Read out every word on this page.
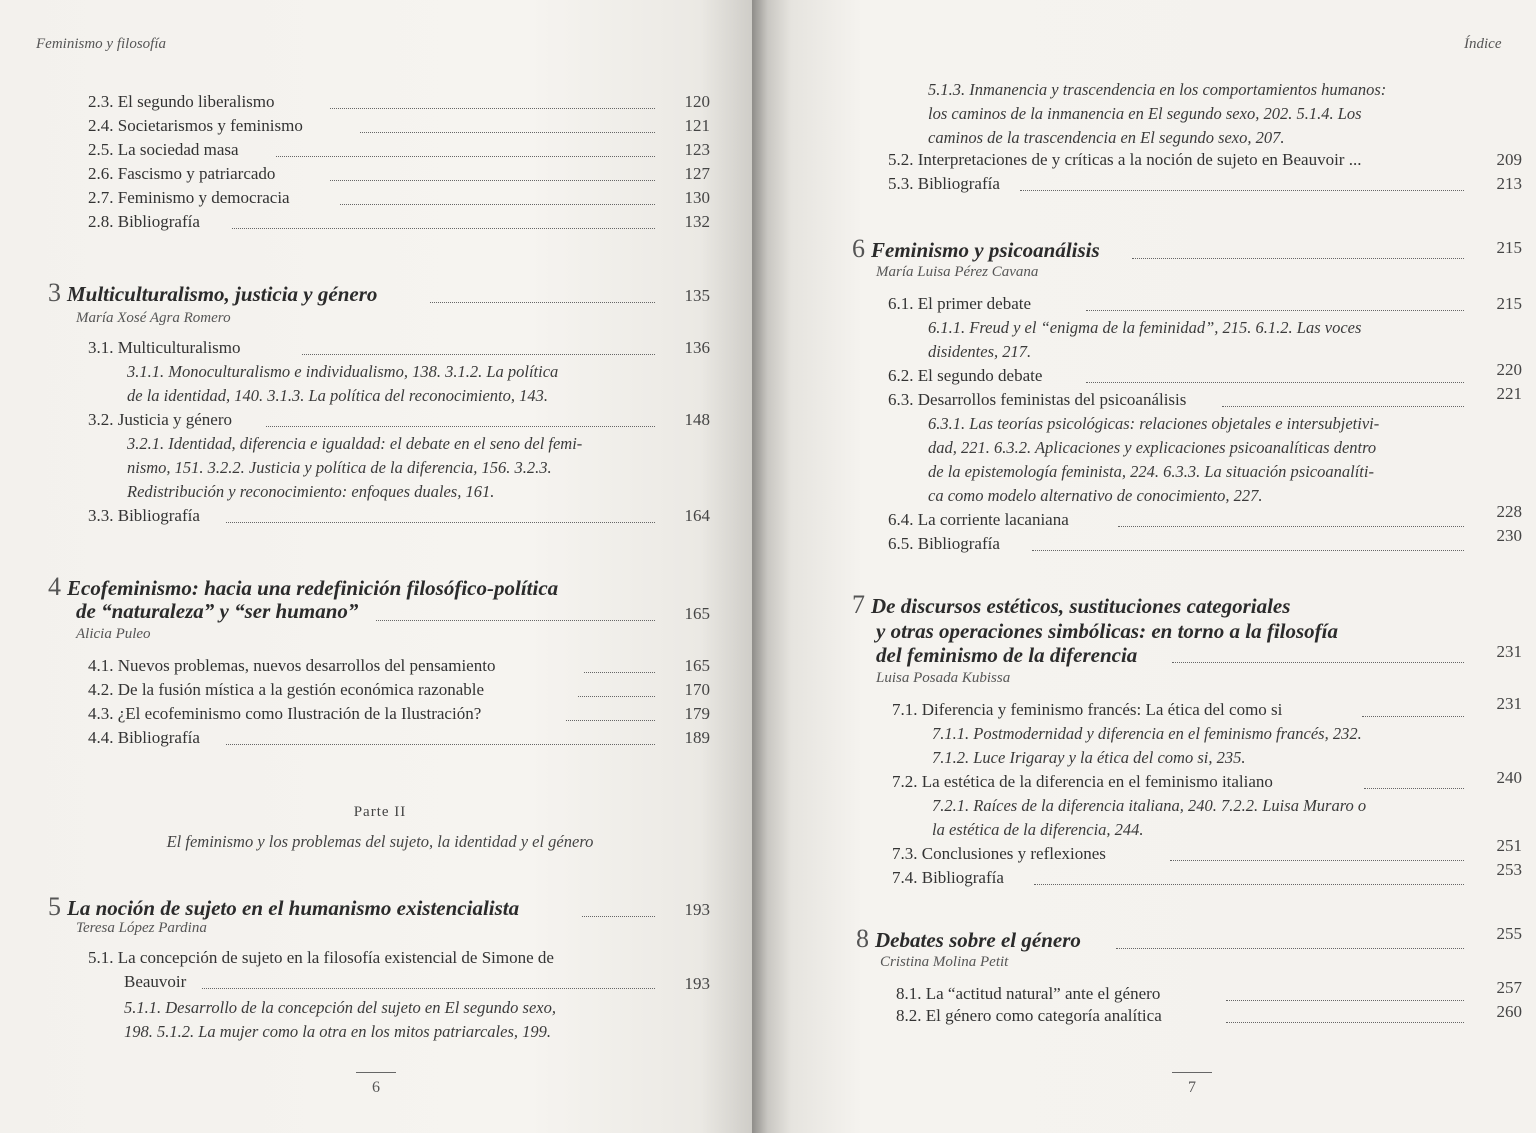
Feminismo y filosofía
2.3. El segundo liberalismo	120
2.4. Societarismos y feminismo	121
2.5. La sociedad masa	123
2.6. Fascismo y patriarcado	127
2.7. Feminismo y democracia	130
2.8. Bibliografía	132
3 Multiculturalismo, justicia y género	135
María Xosé Agra Romero
3.1. Multiculturalismo	136
3.1.1. Monoculturalismo e individualismo, 138. 3.1.2. La política
de la identidad, 140. 3.1.3. La política del reconocimiento, 143.
3.2. Justicia y género	148
3.2.1. Identidad, diferencia e igualdad: el debate en el seno del femi-
nismo, 151. 3.2.2. Justicia y política de la diferencia, 156. 3.2.3.
Redistribución y reconocimiento: enfoques duales, 161.
3.3. Bibliografía	164
4 Ecofeminismo: hacia una redefinición filosófico-política
de “naturaleza” y “ser humano”	165
Alicia Puleo
4.1. Nuevos problemas, nuevos desarrollos del pensamiento	165
4.2. De la fusión mística a la gestión económica razonable	170
4.3. ¿El ecofeminismo como Ilustración de la Ilustración?	179
4.4. Bibliografía	189
Parte II
El feminismo y los problemas del sujeto, la identidad y el género
5 La noción de sujeto en el humanismo existencialista	193
Teresa López Pardina
5.1. La concepción de sujeto en la filosofía existencial de Simone de
Beauvoir	193
5.1.1. Desarrollo de la concepción del sujeto en El segundo sexo,
198. 5.1.2. La mujer como la otra en los mitos patriarcales, 199.
6
Índice
5.1.3. Inmanencia y trascendencia en los comportamientos humanos:
los caminos de la inmanencia en El segundo sexo, 202. 5.1.4. Los
caminos de la trascendencia en El segundo sexo, 207.
5.2. Interpretaciones de y críticas a la noción de sujeto en Beauvoir ...	209
5.3. Bibliografía	213
6 Feminismo y psicoanálisis	215
María Luisa Pérez Cavana
6.1. El primer debate	215
6.1.1. Freud y el “enigma de la feminidad”, 215. 6.1.2. Las voces
disidentes, 217.
6.2. El segundo debate	220
6.3. Desarrollos feministas del psicoanálisis	221
6.3.1. Las teorías psicológicas: relaciones objetales e intersubjetivi-
dad, 221. 6.3.2. Aplicaciones y explicaciones psicoanalíticas dentro
de la epistemología feminista, 224. 6.3.3. La situación psicoanalíti-
ca como modelo alternativo de conocimiento, 227.
6.4. La corriente lacaniana	228
6.5. Bibliografía	230
7 De discursos estéticos, sustituciones categoriales
y otras operaciones simbólicas: en torno a la filosofía
del feminismo de la diferencia	231
Luisa Posada Kubissa
7.1. Diferencia y feminismo francés: La ética del como si	231
7.1.1. Postmodernidad y diferencia en el feminismo francés, 232.
7.1.2. Luce Irigaray y la ética del como si, 235.
7.2. La estética de la diferencia en el feminismo italiano	240
7.2.1. Raíces de la diferencia italiana, 240. 7.2.2. Luisa Muraro o
la estética de la diferencia, 244.
7.3. Conclusiones y reflexiones	251
7.4. Bibliografía	253
8 Debates sobre el género	255
Cristina Molina Petit
8.1. La “actitud natural” ante el género	257
8.2. El género como categoría analítica	260
7
